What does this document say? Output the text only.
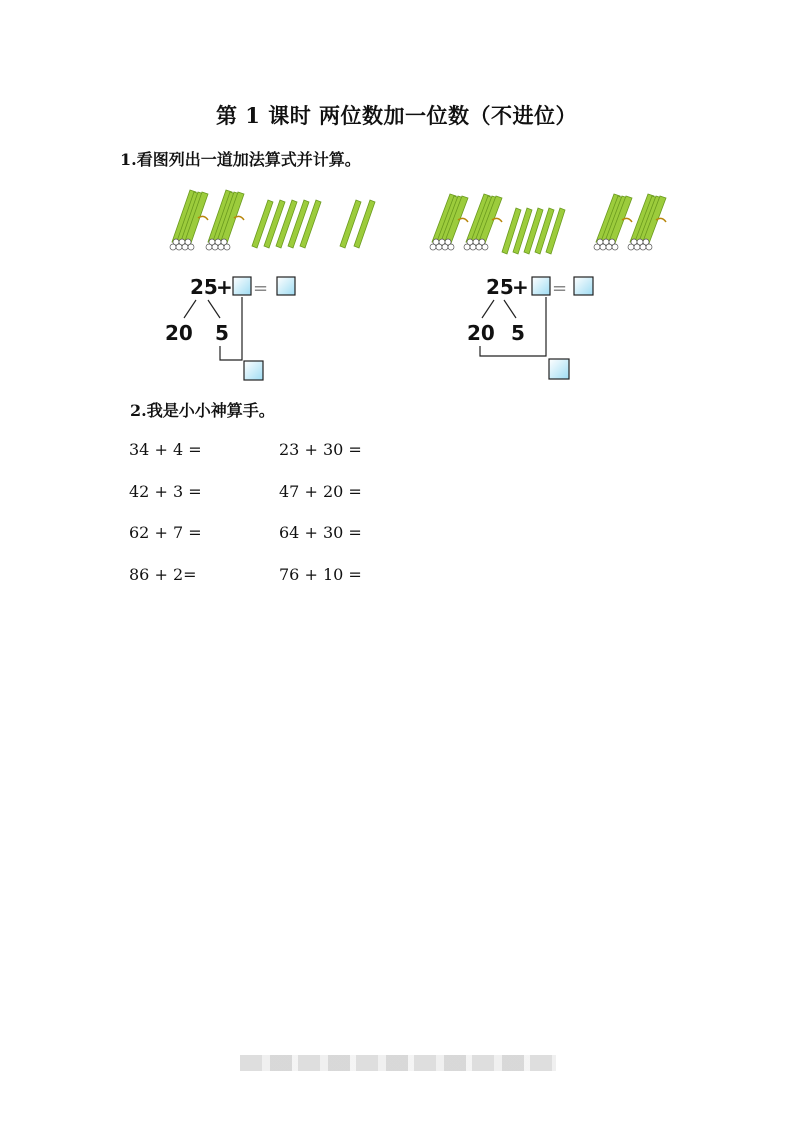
第 1 课时 两位数加一位数（不进位）
1.看图列出一道加法算式并计算。
25
+ =
20 5
25
+ =
20 5
2.我是小小神算手。
34 + 4 =
42 + 3 =
62 + 7 =
86 + 2=
23 + 30 =
47 + 20 =
64 + 30 =
76 + 10 =
